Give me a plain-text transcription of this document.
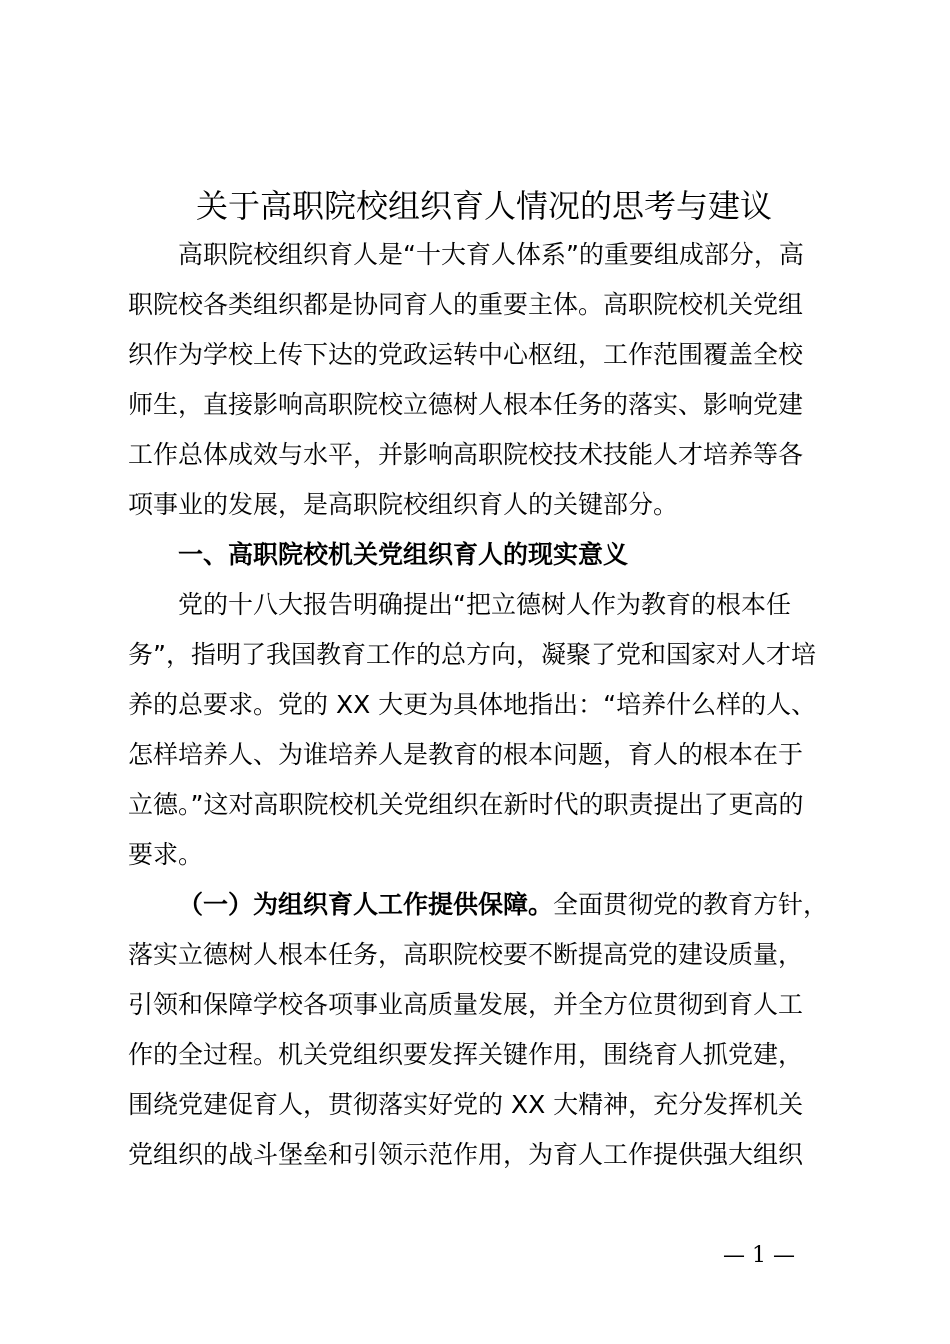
关于高职院校组织育人情况的思考与建议
高职院校组织育人是“十大育人体系”的重要组成部分，高
职院校各类组织都是协同育人的重要主体。高职院校机关党组
织作为学校上传下达的党政运转中心枢纽，工作范围覆盖全校
师生，直接影响高职院校立德树人根本任务的落实、影响党建
工作总体成效与水平，并影响高职院校技术技能人才培养等各
项事业的发展，是高职院校组织育人的关键部分。
一、高职院校机关党组织育人的现实意义
党的十八大报告明确提出“把立德树人作为教育的根本任
务”，指明了我国教育工作的总方向，凝聚了党和国家对人才培
养的总要求。党的 XX 大更为具体地指出：“培养什么样的人、
怎样培养人、为谁培养人是教育的根本问题，育人的根本在于
立德。”这对高职院校机关党组织在新时代的职责提出了更高的
要求。
（一）为组织育人工作提供保障。全面贯彻党的教育方针，
落实立德树人根本任务，高职院校要不断提高党的建设质量，
引领和保障学校各项事业高质量发展，并全方位贯彻到育人工
作的全过程。机关党组织要发挥关键作用，围绕育人抓党建，
围绕党建促育人，贯彻落实好党的 XX 大精神，充分发挥机关
党组织的战斗堡垒和引领示范作用，为育人工作提供强大组织
— 1 —
